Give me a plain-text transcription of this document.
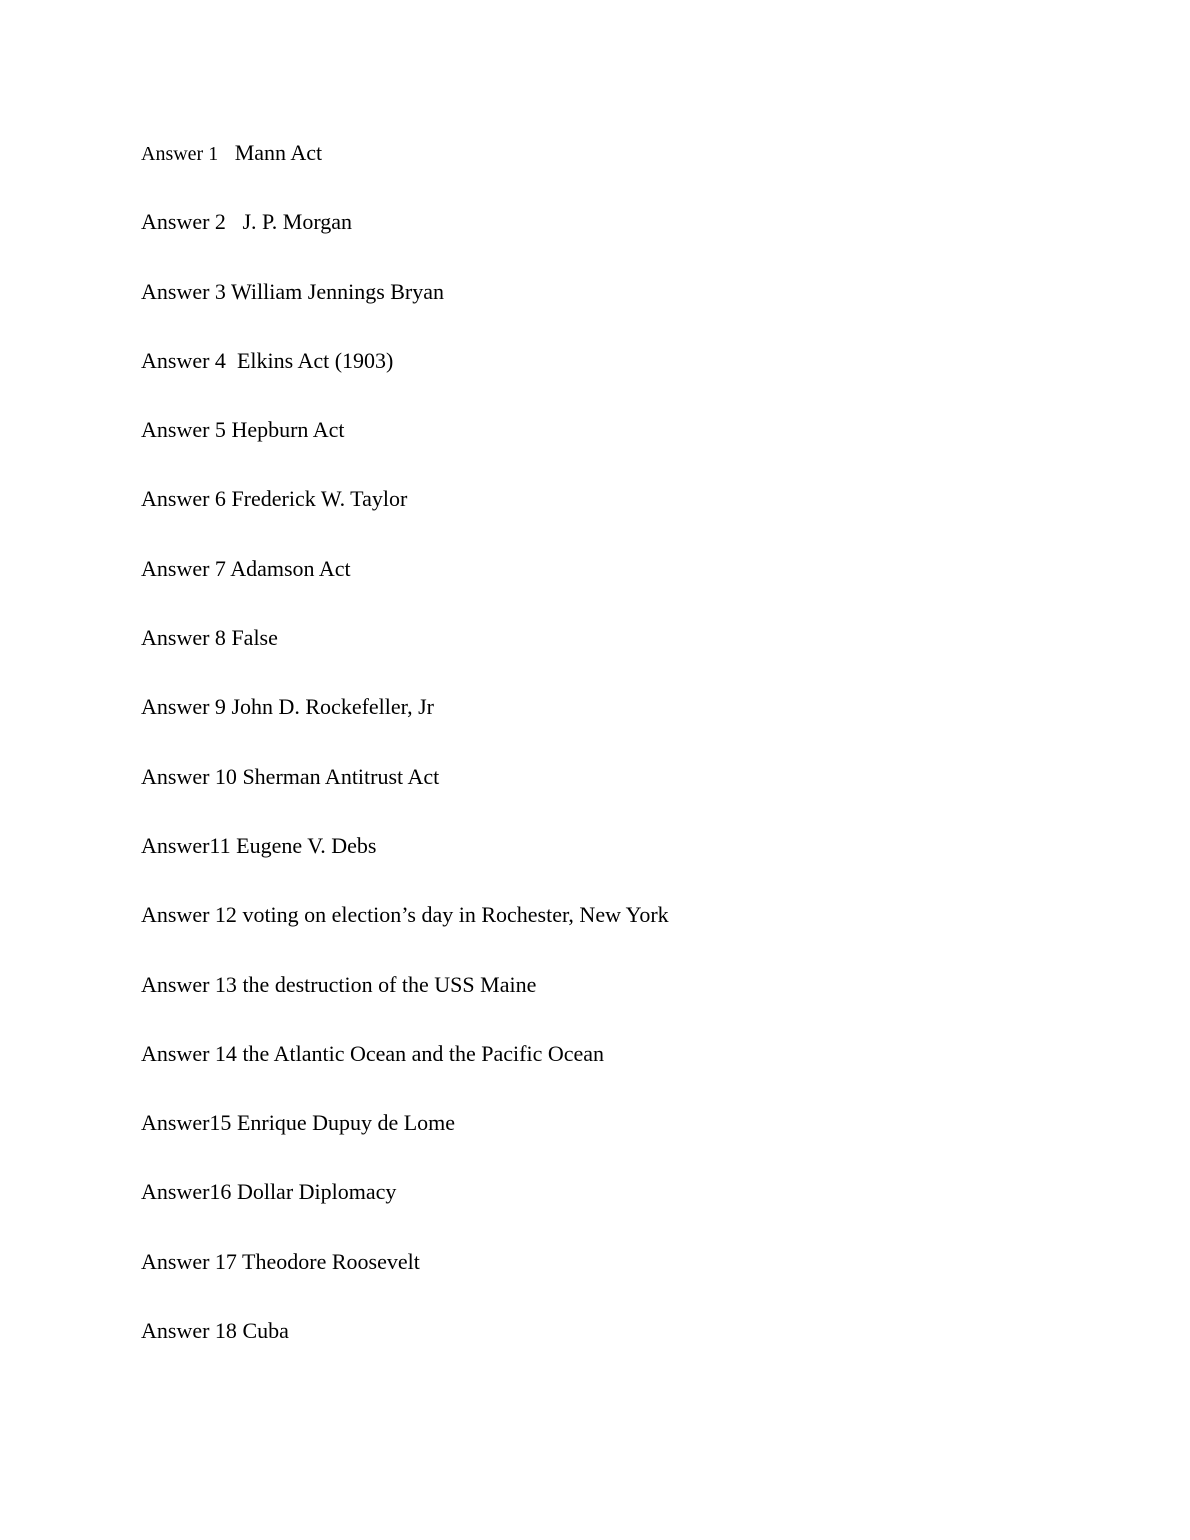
Answer 1 Mann Act
Answer 2 J. P. Morgan
Answer 3 William Jennings Bryan
Answer 4 Elkins Act (1903)
Answer 5 Hepburn Act
Answer 6 Frederick W. Taylor
Answer 7 Adamson Act
Answer 8 False
Answer 9 John D. Rockefeller, Jr
Answer 10 Sherman Antitrust Act
Answer11 Eugene V. Debs
Answer 12 voting on election’s day in Rochester, New York
Answer 13 the destruction of the USS Maine
Answer 14 the Atlantic Ocean and the Pacific Ocean
Answer15 Enrique Dupuy de Lome
Answer16 Dollar Diplomacy
Answer 17 Theodore Roosevelt
Answer 18 Cuba
